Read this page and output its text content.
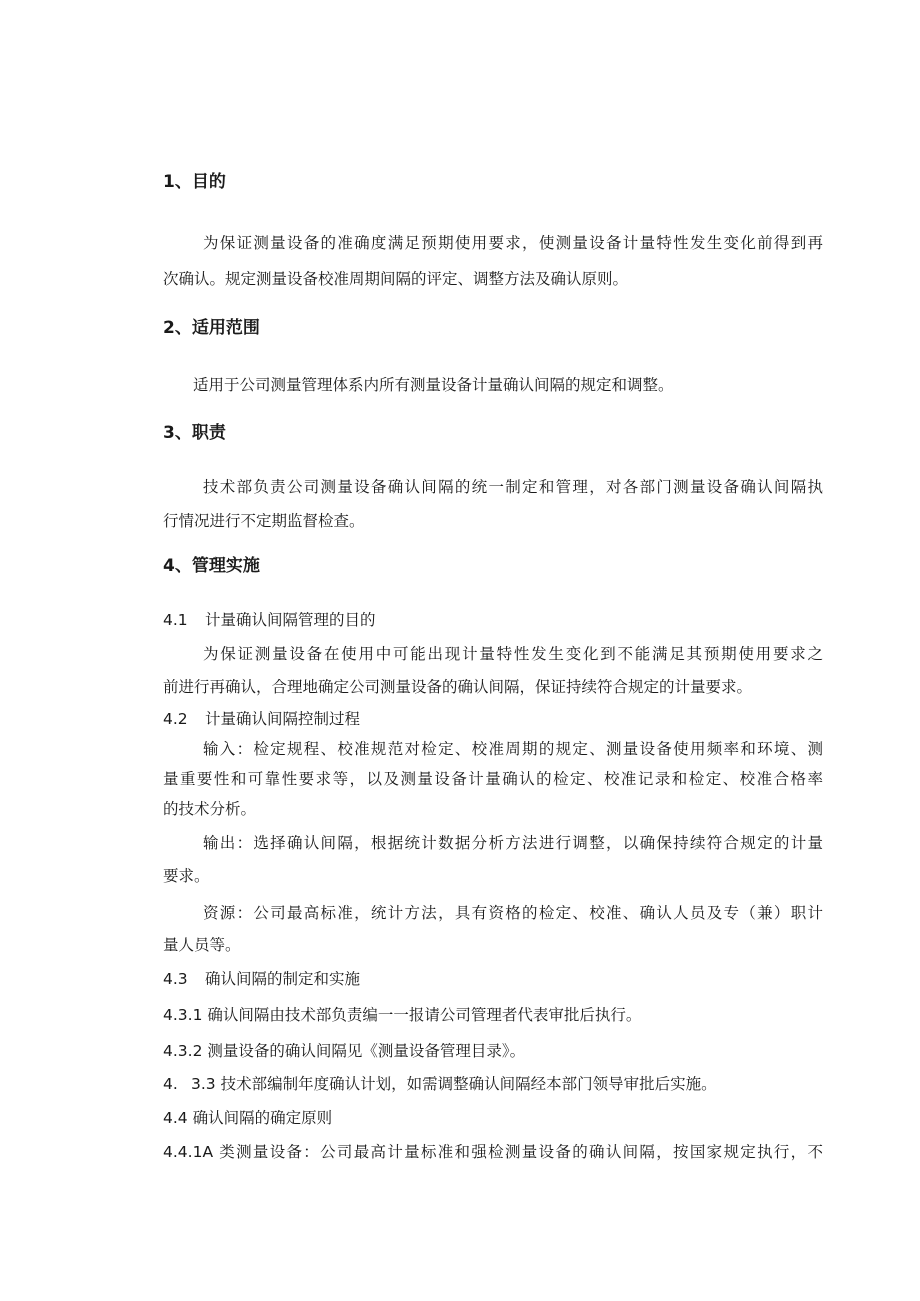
1、目的
为保证测量设备的准确度满足预期使用要求，使测量设备计量特性发生变化前得到再
次确认。规定测量设备校准周期间隔的评定、调整方法及确认原则。
2、适用范围
适用于公司测量管理体系内所有测量设备计量确认间隔的规定和调整。
3、职责
技术部负责公司测量设备确认间隔的统一制定和管理，对各部门测量设备确认间隔执
行情况进行不定期监督检查。
4、管理实施
4.1 计量确认间隔管理的目的
为保证测量设备在使用中可能出现计量特性发生变化到不能满足其预期使用要求之
前进行再确认，合理地确定公司测量设备的确认间隔，保证持续符合规定的计量要求。
4.2 计量确认间隔控制过程
输入：检定规程、校准规范对检定、校准周期的规定、测量设备使用频率和环境、测
量重要性和可靠性要求等，以及测量设备计量确认的检定、校准记录和检定、校准合格率
的技术分析。
输出：选择确认间隔，根据统计数据分析方法进行调整，以确保持续符合规定的计量
要求。
资源：公司最高标准，统计方法，具有资格的检定、校准、确认人员及专（兼）职计
量人员等。
4.3 确认间隔的制定和实施
4.3.1 确认间隔由技术部负责编一一报请公司管理者代表审批后执行。
4.3.2 测量设备的确认间隔见《测量设备管理目录》。
4. 3.3 技术部编制年度确认计划，如需调整确认间隔经本部门领导审批后实施。
4.4 确认间隔的确定原则
4.4.1A 类测量设备：公司最高计量标准和强检测量设备的确认间隔，按国家规定执行，不
